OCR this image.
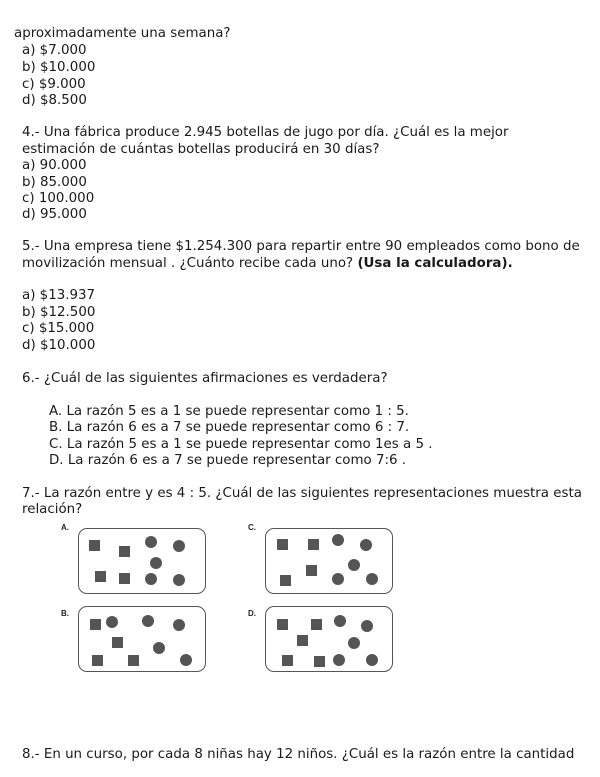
aproximadamente una semana?
a) $7.000
b) $10.000
c) $9.000
d) $8.500
4.- Una fábrica produce 2.945 botellas de jugo por día. ¿Cuál es la mejor
estimación de cuántas botellas producirá en 30 días?
a) 90.000
b) 85.000
c) 100.000
d) 95.000
5.- Una empresa tiene $1.254.300 para repartir entre 90 empleados como bono de
movilización mensual . ¿Cuánto recibe cada uno? (Usa la calculadora).
a) $13.937
b) $12.500
c) $15.000
d) $10.000
6.- ¿Cuál de las siguientes afirmaciones es verdadera?
A. La razón 5 es a 1 se puede representar como 1 : 5.
B. La razón 6 es a 7 se puede representar como 6 : 7.
C. La razón 5 es a 1 se puede representar como 1es a 5 .
D. La razón 6 es a 7 se puede representar como 7:6 .
7.- La razón entre y es 4 : 5. ¿Cuál de las siguientes representaciones muestra esta
relación?
A.	C.
B.	D.
8.- En un curso, por cada 8 niñas hay 12 niños. ¿Cuál es la razón entre la cantidad
